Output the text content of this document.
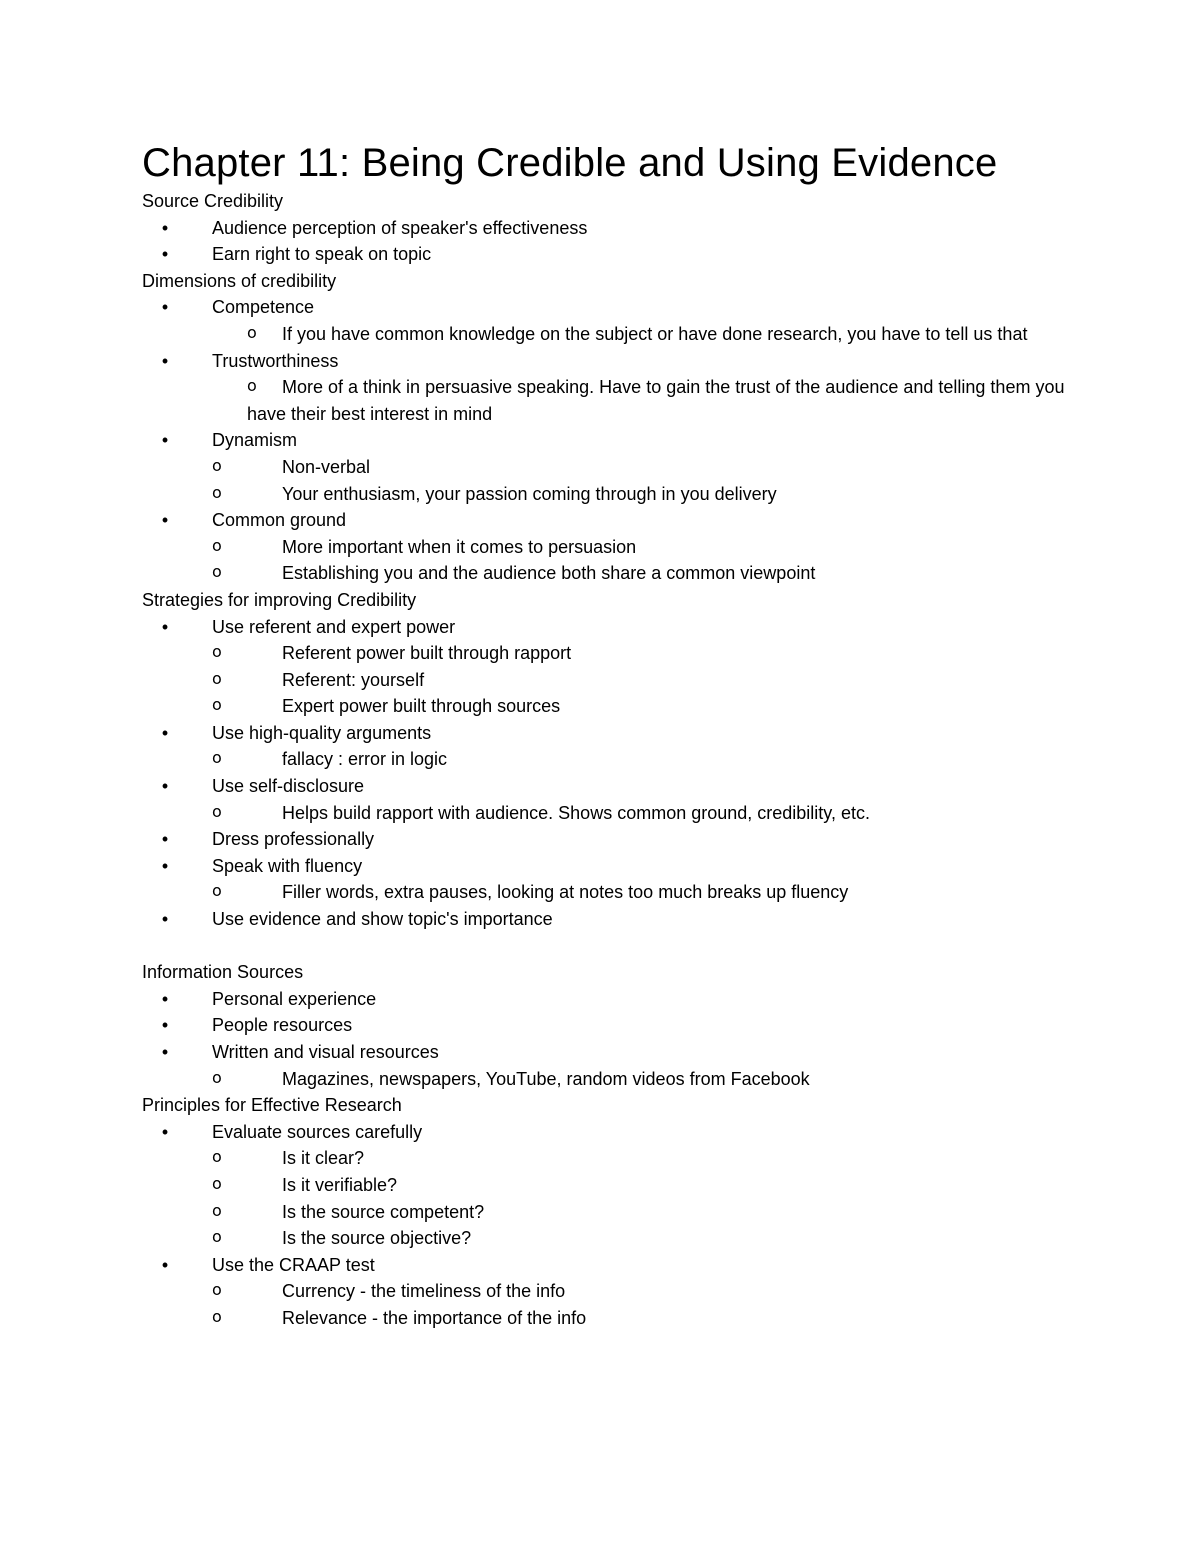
Chapter 11: Being Credible and Using Evidence
Source Credibility
• Audience perception of speaker's effectiveness
• Earn right to speak on topic
Dimensions of credibility
• Competence
o If you have common knowledge on the subject or have done research, you have to tell us that
• Trustworthiness
o More of a think in persuasive speaking. Have to gain the trust of the audience and telling them you have their best interest in mind
• Dynamism
o	Non-verbal
o	Your enthusiasm, your passion coming through in you delivery
• Common ground
o	More important when it comes to persuasion
o	Establishing you and the audience both share a common viewpoint
Strategies for improving Credibility
• Use referent and expert power
o	Referent power built through rapport
o	Referent: yourself
o	Expert power built through sources
• Use high-quality arguments
o	fallacy : error in logic
• Use self-disclosure
o	Helps build rapport with audience. Shows common ground, credibility, etc.
• Dress professionally
• Speak with fluency
o	Filler words, extra pauses, looking at notes too much breaks up fluency
• Use evidence and show topic's importance
Information Sources
• Personal experience
• People resources
• Written and visual resources
o	Magazines, newspapers, YouTube, random videos from Facebook
Principles for Effective Research
• Evaluate sources carefully
o	Is it clear?
o	Is it verifiable?
o	Is the source competent?
o	Is the source objective?
• Use the CRAAP test
o	Currency - the timeliness of the info
o	Relevance - the importance of the info
